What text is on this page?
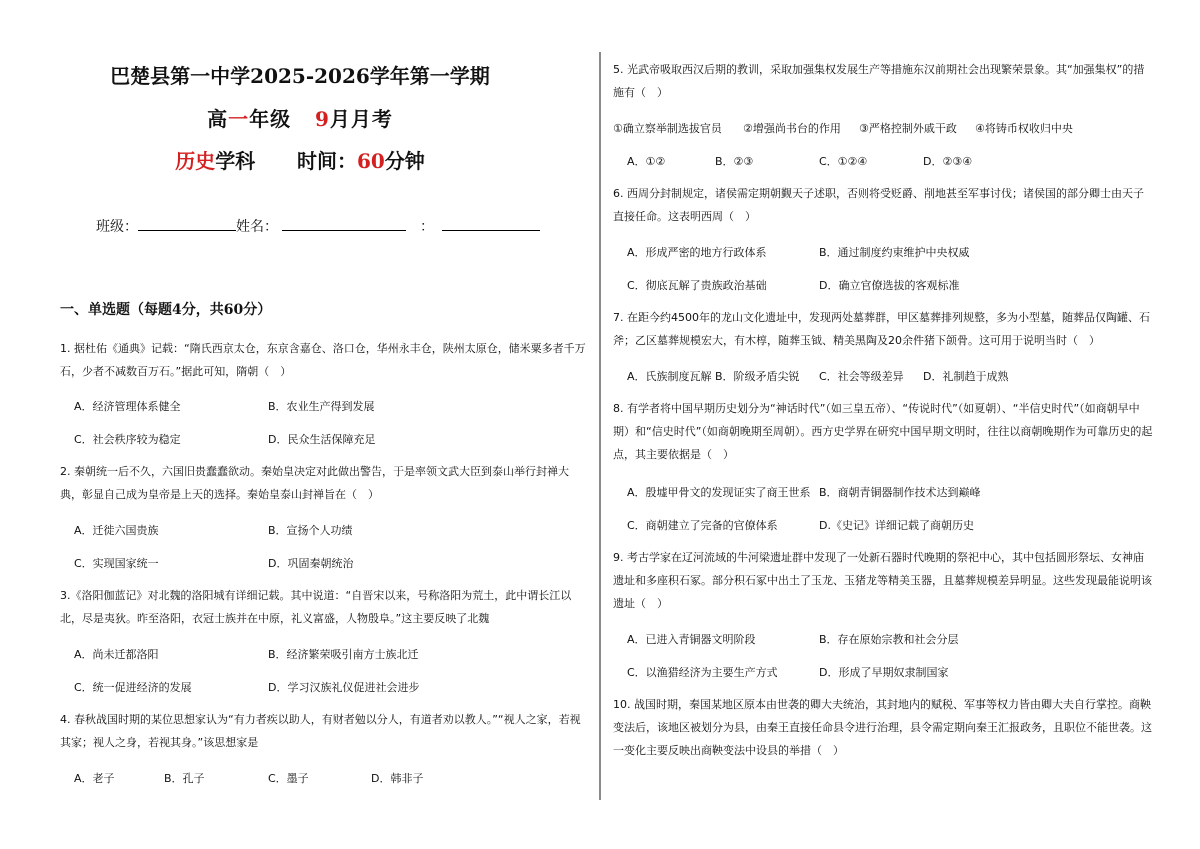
巴楚县第一中学2025-2026学年第一学期
高一年级 9月月考
历史学科 时间：60分钟
班级：	姓名：	：
一、单选题（每题4分，共60分）
1. 据杜佑《通典》记载：“隋氏西京太仓，东京含嘉仓、洛口仓，华州永丰仓，陕州太原仓，储米粟多者千万石，少者不减数百万石。”据此可知，隋朝（　）
A．经济管理体系健全	B．农业生产得到发展
C．社会秩序较为稳定	D．民众生活保障充足
2. 秦朝统一后不久，六国旧贵蠢蠢欲动。秦始皇决定对此做出警告，于是率领文武大臣到泰山举行封禅大典，彰显自己成为皇帝是上天的选择。秦始皇泰山封禅旨在（　）
A．迁徙六国贵族	B．宣扬个人功绩
C．实现国家统一	D．巩固秦朝统治
3.《洛阳伽蓝记》对北魏的洛阳城有详细记载。其中说道：“自晋宋以来，号称洛阳为荒土，此中谓长江以北，尽是夷狄。昨至洛阳，衣冠士族并在中原，礼义富盛，人物殷阜。”这主要反映了北魏
A．尚未迁都洛阳	B．经济繁荣吸引南方士族北迁
C．统一促进经济的发展	D．学习汉族礼仪促进社会进步
4. 春秋战国时期的某位思想家认为“有力者疾以助人，有财者勉以分人，有道者劝以教人。”“视人之家，若视其家；视人之身，若视其身。”该思想家是
A．老子	B．孔子	C．墨子	D．韩非子
5. 光武帝吸取西汉后期的教训，采取加强集权发展生产等措施东汉前期社会出现繁荣景象。其“加强集权”的措施有（　）
①确立察举制选拔官员 ②增强尚书台的作用 ③严格控制外戚干政 ④将铸币权收归中央
A．①②	B．②③	C．①②④	D．②③④
6. 西周分封制规定，诸侯需定期朝觐天子述职，否则将受贬爵、削地甚至军事讨伐；诸侯国的部分卿士由天子直接任命。这表明西周（　）
A．形成严密的地方行政体系	B．通过制度约束维护中央权威
C．彻底瓦解了贵族政治基础	D．确立官僚选拔的客观标准
7. 在距今约4500年的龙山文化遗址中，发现两处墓葬群，甲区墓葬排列规整，多为小型墓，随葬品仅陶罐、石斧；乙区墓葬规模宏大，有木椁，随葬玉钺、精美黑陶及20余件猪下颌骨。这可用于说明当时（　）
A．氏族制度瓦解 B．阶级矛盾尖锐 C．社会等级差异 D．礼制趋于成熟
8. 有学者将中国早期历史划分为“神话时代”（如三皇五帝）、“传说时代”（如夏朝）、“半信史时代”（如商朝早中期）和“信史时代”（如商朝晚期至周朝）。西方史学界在研究中国早期文明时，往往以商朝晚期作为可靠历史的起点，其主要依据是（　）
A．殷墟甲骨文的发现证实了商王世系 B．商朝青铜器制作技术达到巅峰
C．商朝建立了完备的官僚体系	D.《史记》详细记载了商朝历史
9. 考古学家在辽河流域的牛河梁遗址群中发现了一处新石器时代晚期的祭祀中心，其中包括圆形祭坛、女神庙遗址和多座积石冢。部分积石冢中出土了玉龙、玉猪龙等精美玉器，且墓葬规模差异明显。这些发现最能说明该遗址（　）
A．已进入青铜器文明阶段	B．存在原始宗教和社会分层
C．以渔猎经济为主要生产方式	D．形成了早期奴隶制国家
10. 战国时期，秦国某地区原本由世袭的卿大夫统治，其封地内的赋税、军事等权力皆由卿大夫自行掌控。商鞅变法后，该地区被划分为县，由秦王直接任命县令进行治理，县令需定期向秦王汇报政务，且职位不能世袭。这一变化主要反映出商鞅变法中设县的举措（　）
